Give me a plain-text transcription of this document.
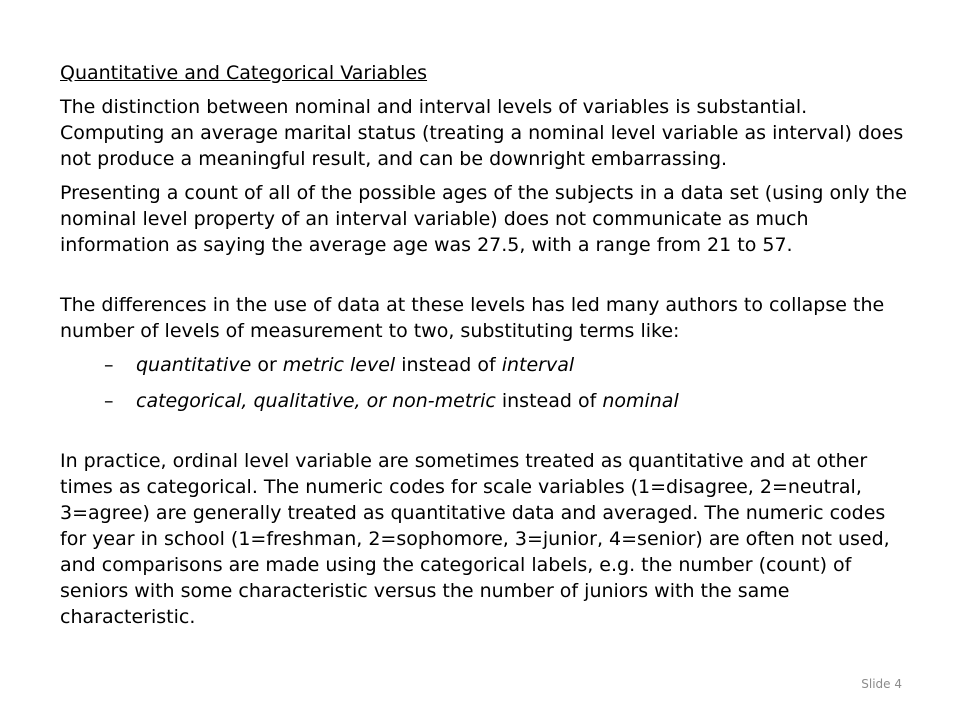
Quantitative and Categorical Variables

The distinction between nominal and interval levels of variables is substantial. Computing an average marital status (treating a nominal level variable as interval) does not produce a meaningful result, and can be downright embarrassing.

Presenting a count of all of the possible ages of the subjects in a data set (using only the nominal level property of an interval variable) does not communicate as much information as saying the average age was 27.5, with a range from 21 to 57.

The differences in the use of data at these levels has led many authors to collapse the number of levels of measurement to two, substituting terms like:

– quantitative or metric level instead of interval
– categorical, qualitative, or non-metric instead of nominal

In practice, ordinal level variable are sometimes treated as quantitative and at other times as categorical. The numeric codes for scale variables (1=disagree, 2=neutral, 3=agree) are generally treated as quantitative data and averaged. The numeric codes for year in school (1=freshman, 2=sophomore, 3=junior, 4=senior) are often not used, and comparisons are made using the categorical labels, e.g. the number (count) of seniors with some characteristic versus the number of juniors with the same characteristic.

Slide 4
